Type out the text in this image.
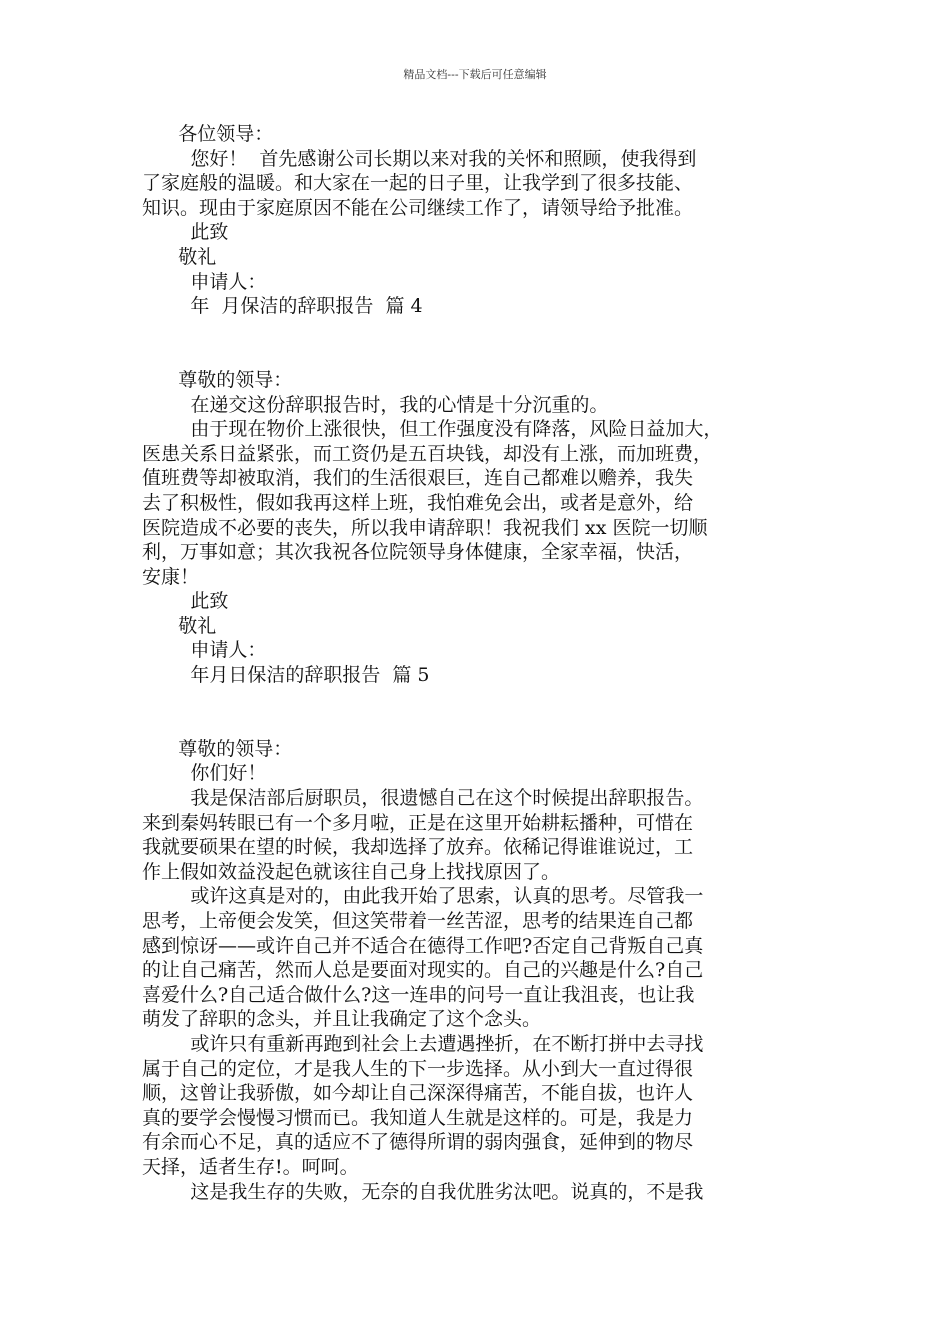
精品文档---下载后可任意编辑
各位领导：
您好！  首先感谢公司长期以来对我的关怀和照顾，使我得到
了家庭般的温暖。和大家在一起的日子里，让我学到了很多技能、
知识。现由于家庭原因不能在公司继续工作了，请领导给予批准。
此致
敬礼
申请人：
年  月保洁的辞职报告  篇 4
尊敬的领导：
在递交这份辞职报告时，我的心情是十分沉重的。
由于现在物价上涨很快，但工作强度没有降落，风险日益加大，
医患关系日益紧张，而工资仍是五百块钱，却没有上涨，而加班费，
值班费等却被取消，我们的生活很艰巨，连自己都难以赡养，我失
去了积极性，假如我再这样上班，我怕难免会出，或者是意外，给
医院造成不必要的丧失，所以我申请辞职！我祝我们 xx 医院一切顺
利，万事如意；其次我祝各位院领导身体健康，全家幸福，快活，
安康！
此致
敬礼
申请人：
年月日保洁的辞职报告  篇 5
尊敬的领导：
你们好！
我是保洁部后厨职员，很遗憾自己在这个时候提出辞职报告。
来到秦妈转眼已有一个多月啦，正是在这里开始耕耘播种，可惜在
我就要硕果在望的时候，我却选择了放弃。依稀记得谁谁说过，工
作上假如效益没起色就该往自己身上找找原因了。
或许这真是对的，由此我开始了思索，认真的思考。尽管我一
思考，上帝便会发笑，但这笑带着一丝苦涩，思考的结果连自己都
感到惊讶——或许自己并不适合在德得工作吧?否定自己背叛自己真
的让自己痛苦，然而人总是要面对现实的。自己的兴趣是什么?自己
喜爱什么?自己适合做什么?这一连串的问号一直让我沮丧，也让我
萌发了辞职的念头，并且让我确定了这个念头。
或许只有重新再跑到社会上去遭遇挫折，在不断打拼中去寻找
属于自己的定位，才是我人生的下一步选择。从小到大一直过得很
顺，这曾让我骄傲，如今却让自己深深得痛苦，不能自拔，也许人
真的要学会慢慢习惯而已。我知道人生就是这样的。可是，我是力
有余而心不足，真的适应不了德得所谓的弱肉强食，延伸到的物尽
天择，适者生存!。呵呵。
这是我生存的失败，无奈的自我优胜劣汰吧。说真的，不是我
